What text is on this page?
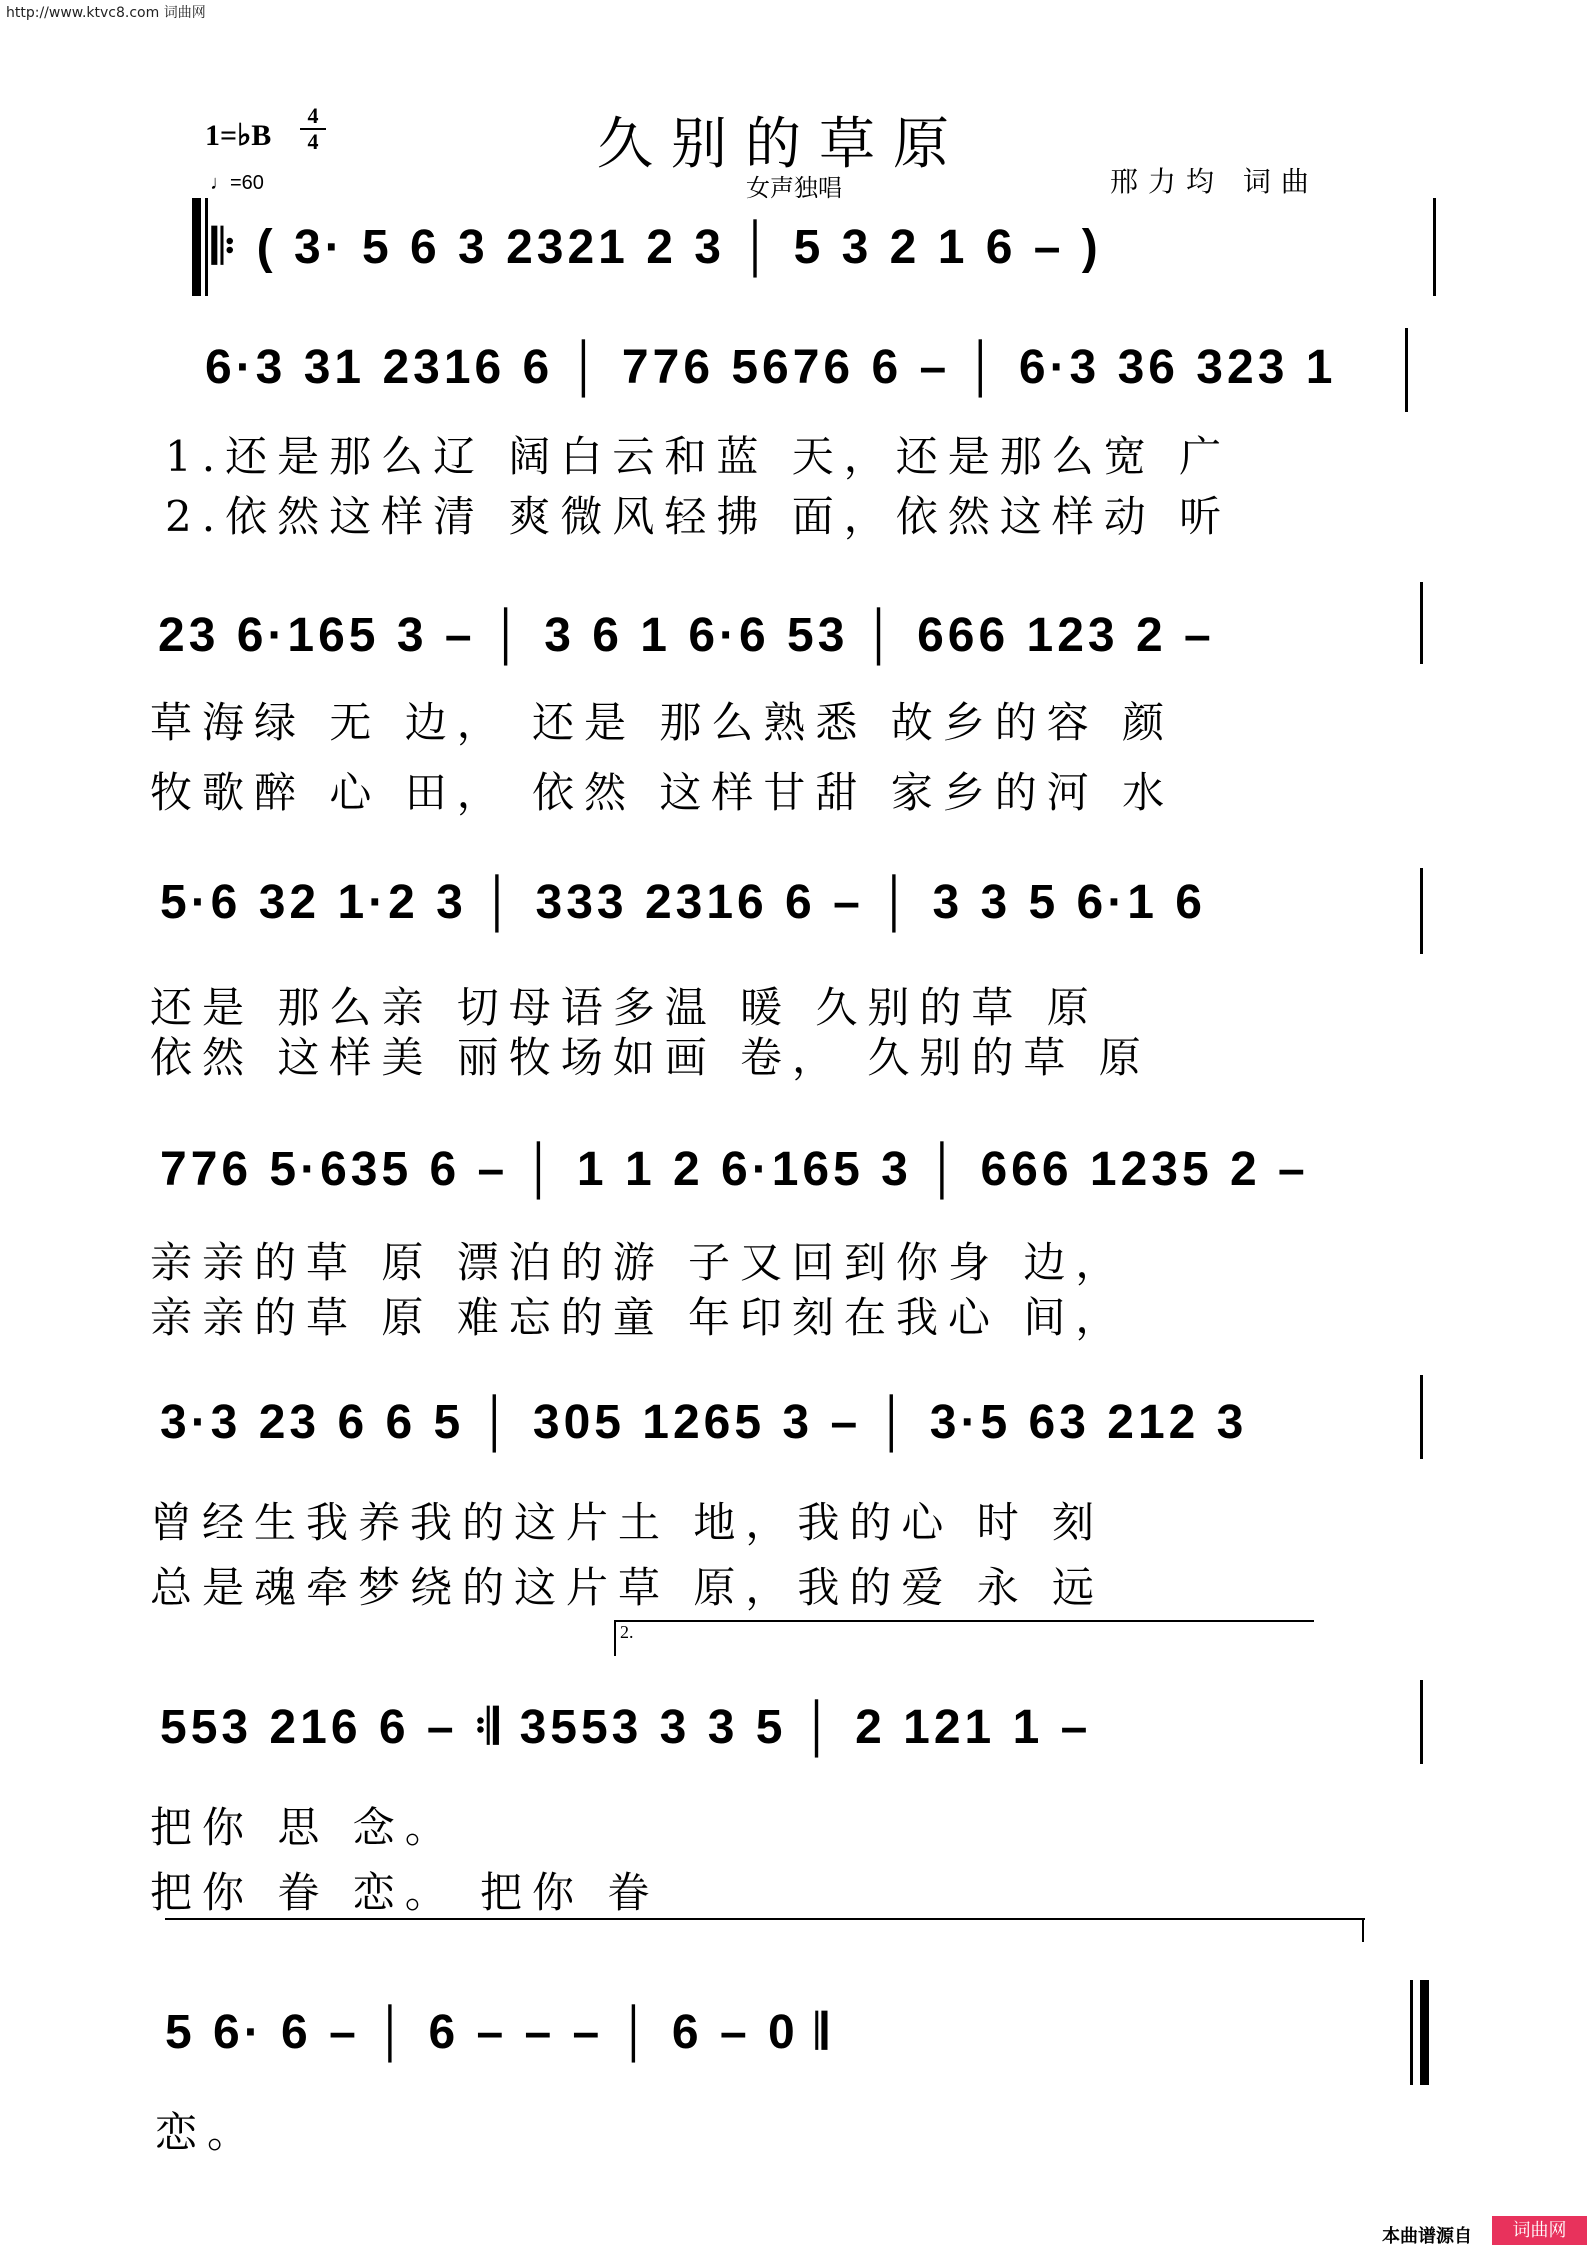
http://www.ktvc8.com 词曲网
1=♭B
4
4
♩=60
久别的草原
女声独唱	邢力均 词曲
𝄆 ( 3· 5 6 3 2321 2 3 │ 5 3 2 1 6 – )
6·3 31 2316 6 │ 776 5676 6 – │ 6·3 36 323 1
1.还是那么辽 阔白云和蓝 天，还是那么宽 广
2.依然这样清 爽微风轻拂 面，依然这样动 听
23 6·165 3 – │ 3 6 1 6·6 53 │ 666 123 2 –
草海绿 无 边， 还是 那么熟悉 故乡的容 颜
牧歌醉 心 田， 依然 这样甘甜 家乡的河 水
5·6 32 1·2 3 │ 333 2316 6 – │ 3 3 5 6·1 6
还是 那么亲 切母语多温 暖 久别的草 原
依然 这样美 丽牧场如画 卷， 久别的草 原
776 5·635 6 – │ 1 1 2 6·165 3 │ 666 1235 2 –
亲亲的草 原 漂泊的游 子又回到你身 边，
亲亲的草 原 难忘的童 年印刻在我心 间，
3·3 23 6 6 5 │ 305 1265 3 – │ 3·5 63 212 3
曾经生我养我的这片土 地，我的心 时 刻
总是魂牵梦绕的这片草 原，我的爱 永 远
2.
553 216 6 – 𝄇 3553 3 3 5 │ 2 121 1 –
把你 思 念。
把你 眷 恋。 把你 眷
5 6· 6 – │ 6 – – – │ 6 – 0 𝄂
恋。
本曲谱源自	词曲网
